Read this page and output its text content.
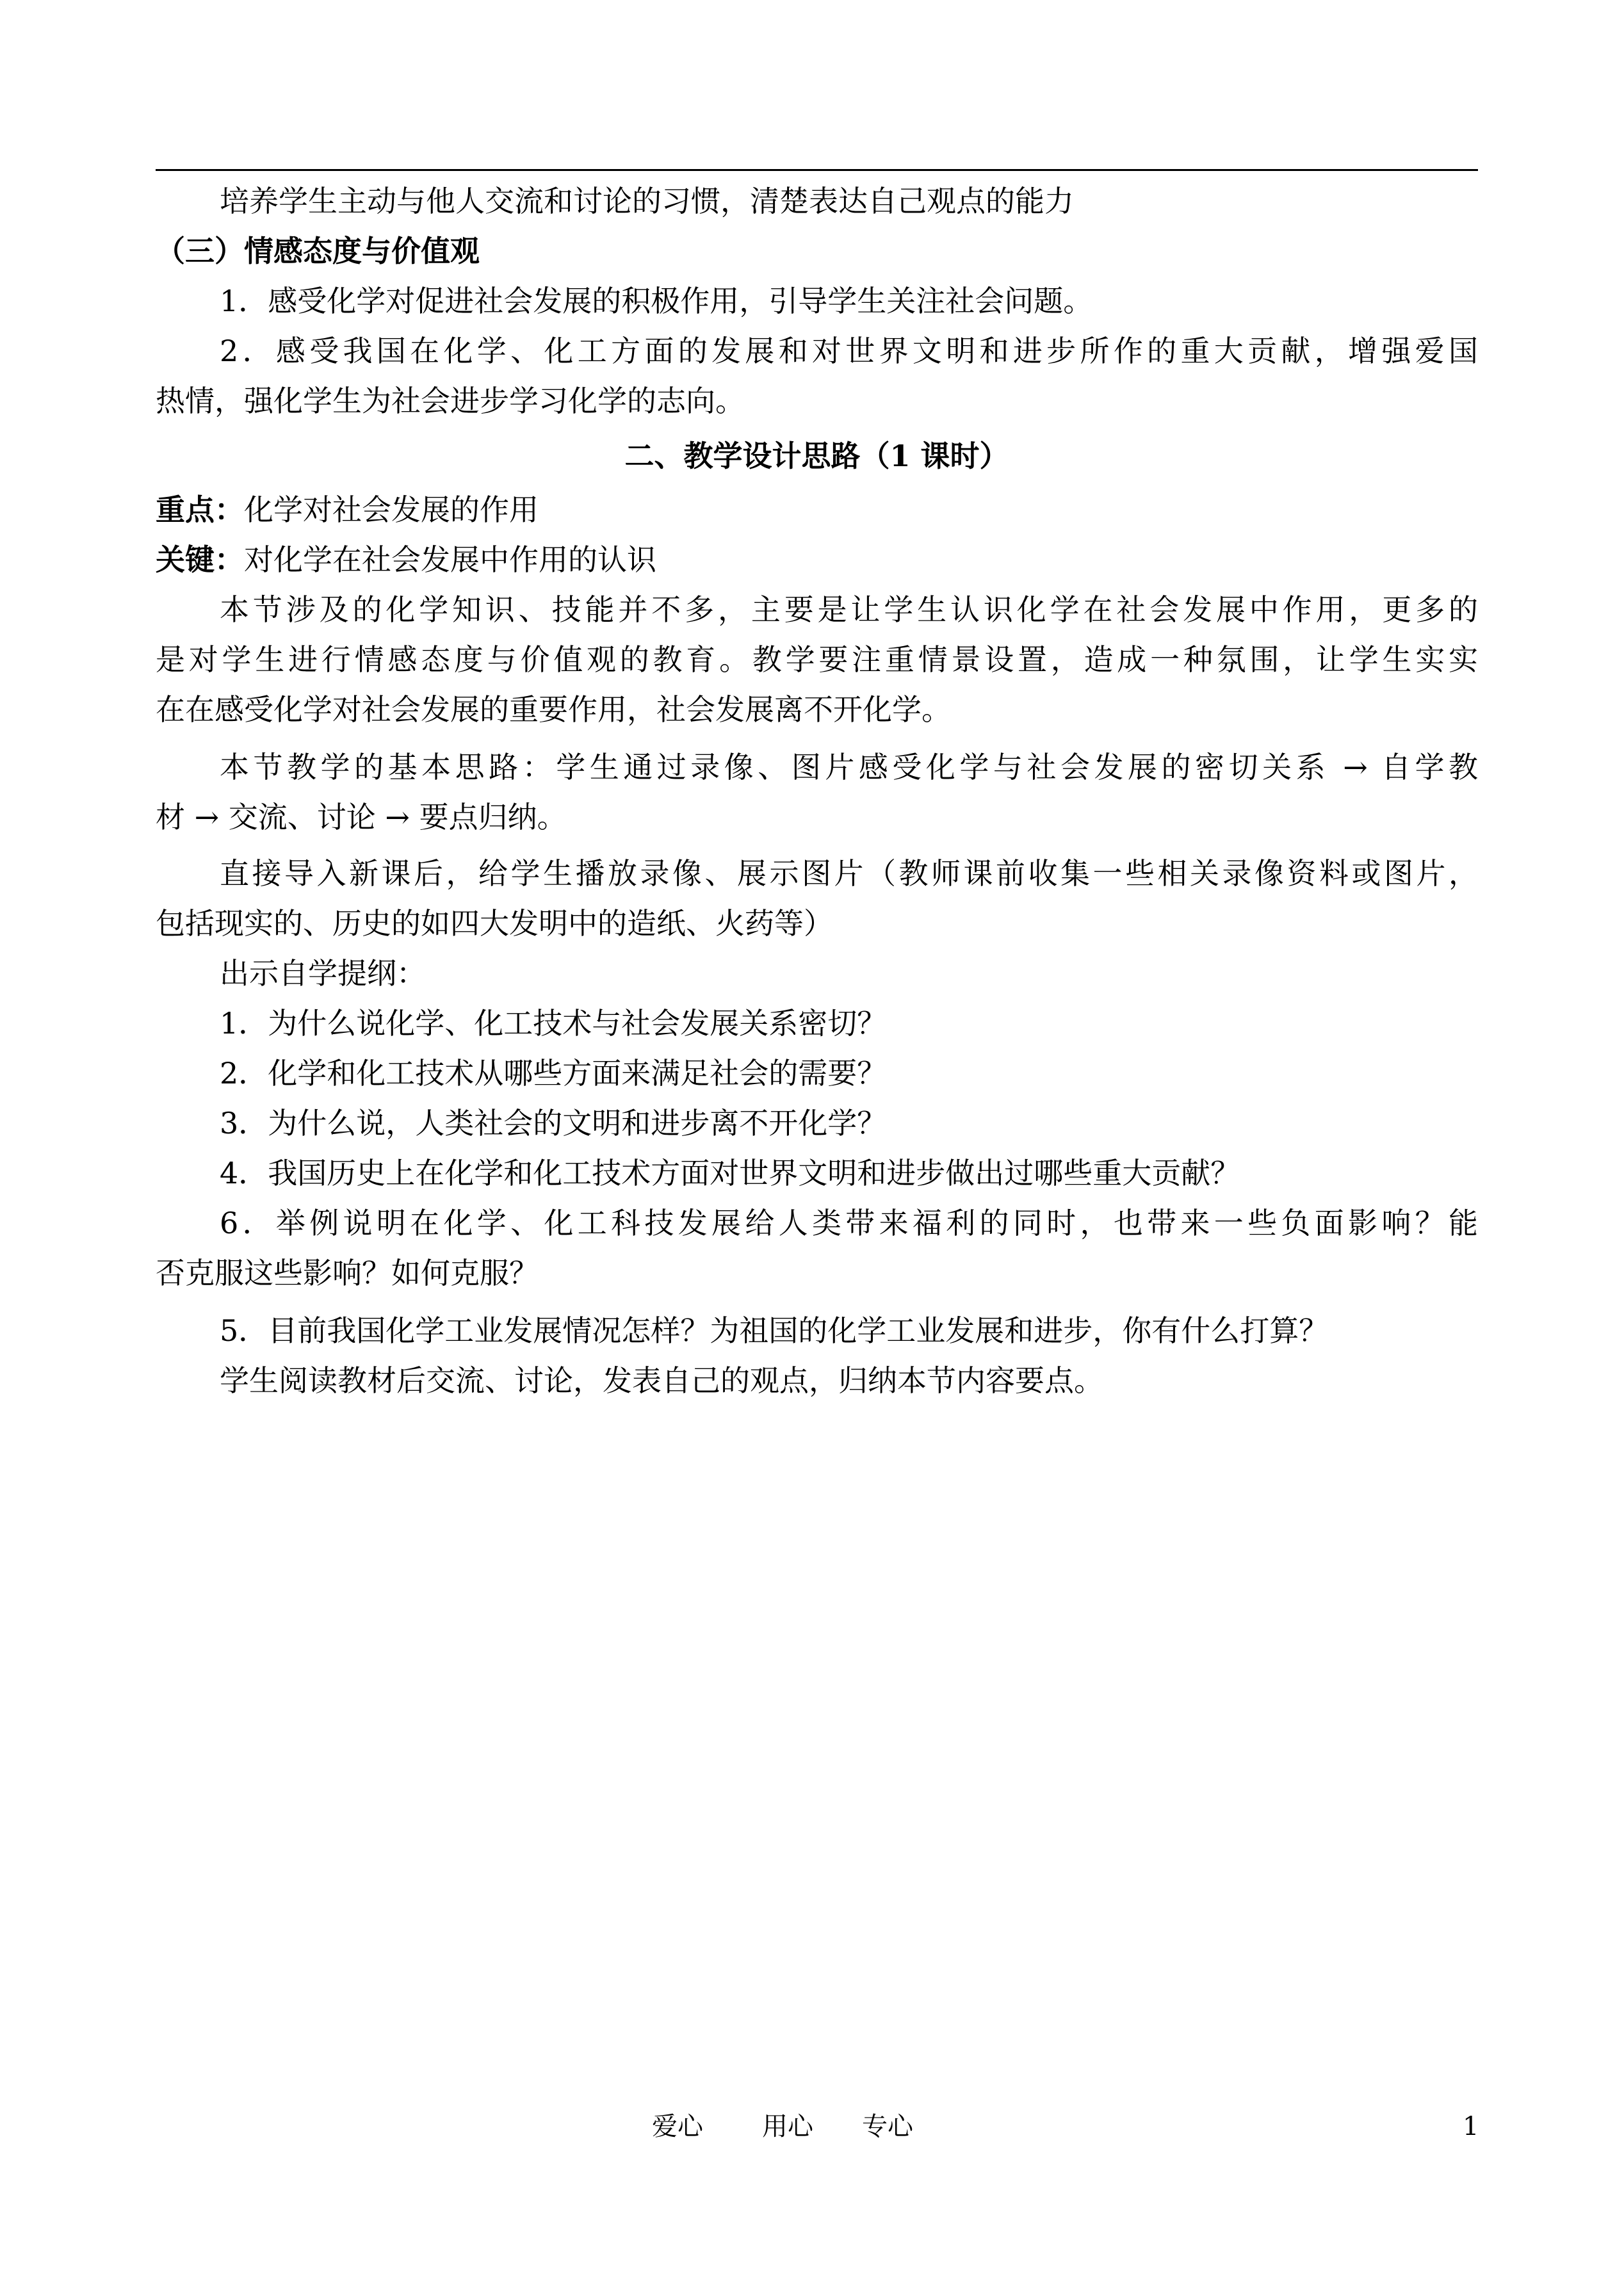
培养学生主动与他人交流和讨论的习惯，清楚表达自己观点的能力
（三）情感态度与价值观
1．感受化学对促进社会发展的积极作用，引导学生关注社会问题。
2．感受我国在化学、化工方面的发展和对世界文明和进步所作的重大贡献，增强爱国
热情，强化学生为社会进步学习化学的志向。
二、教学设计思路（1 课时）
重点：化学对社会发展的作用
关键：对化学在社会发展中作用的认识
本节涉及的化学知识、技能并不多，主要是让学生认识化学在社会发展中作用，更多的
是对学生进行情感态度与价值观的教育。教学要注重情景设置，造成一种氛围，让学生实实
在在感受化学对社会发展的重要作用，社会发展离不开化学。
本节教学的基本思路：学生通过录像、图片感受化学与社会发展的密切关系 → 自学教
材 → 交流、讨论 → 要点归纳。
直接导入新课后，给学生播放录像、展示图片（教师课前收集一些相关录像资料或图片，
包括现实的、历史的如四大发明中的造纸、火药等）
出示自学提纲：
1．为什么说化学、化工技术与社会发展关系密切？
2．化学和化工技术从哪些方面来满足社会的需要？
3．为什么说，人类社会的文明和进步离不开化学？
4．我国历史上在化学和化工技术方面对世界文明和进步做出过哪些重大贡献？
6．举例说明在化学、化工科技发展给人类带来福利的同时，也带来一些负面影响？能
否克服这些影响？如何克服？
5．目前我国化学工业发展情况怎样？为祖国的化学工业发展和进步，你有什么打算？
学生阅读教材后交流、讨论，发表自己的观点，归纳本节内容要点。
爱心 用心 专心	1
